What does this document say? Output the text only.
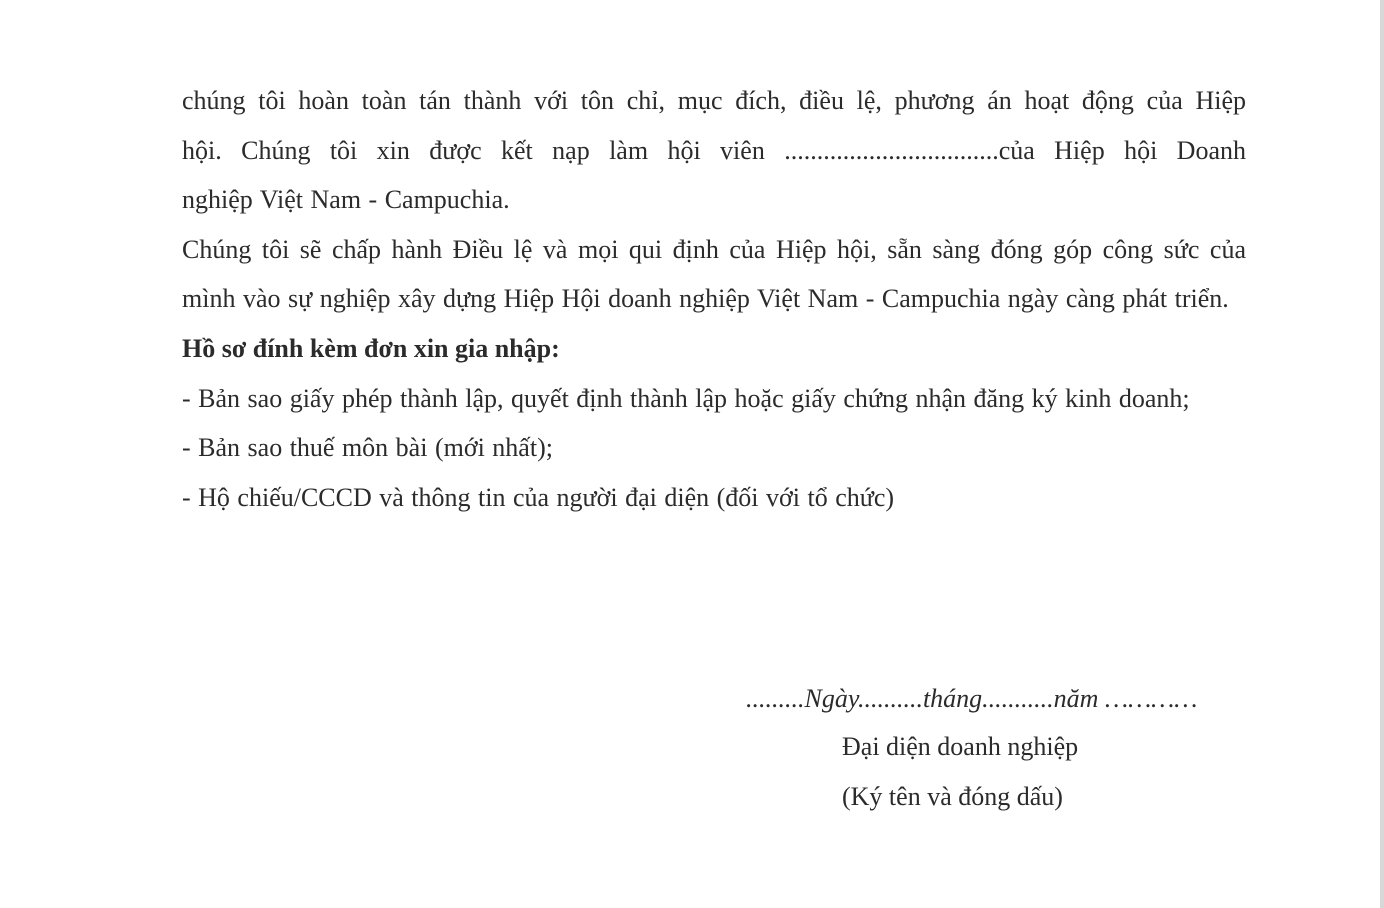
chúng tôi hoàn toàn tán thành với tôn chỉ, mục đích, điều lệ, phương án hoạt động của Hiệp

hội. Chúng tôi xin được kết nạp làm hội viên .................................của Hiệp hội Doanh

nghiệp Việt Nam - Campuchia.

Chúng tôi sẽ chấp hành Điều lệ và mọi qui định của Hiệp hội, sẵn sàng đóng góp công sức của mình vào sự nghiệp xây dựng Hiệp Hội doanh nghiệp Việt Nam - Campuchia ngày càng phát triển.

Hồ sơ đính kèm đơn xin gia nhập:

- Bản sao giấy phép thành lập, quyết định thành lập hoặc giấy chứng nhận đăng ký kinh doanh;

- Bản sao thuế môn bài (mới nhất);

- Hộ chiếu/CCCD và thông tin của người đại diện (đối với tổ chức)

.........Ngày..........tháng...........năm …………

Đại diện doanh nghiệp

(Ký tên và đóng dấu)
